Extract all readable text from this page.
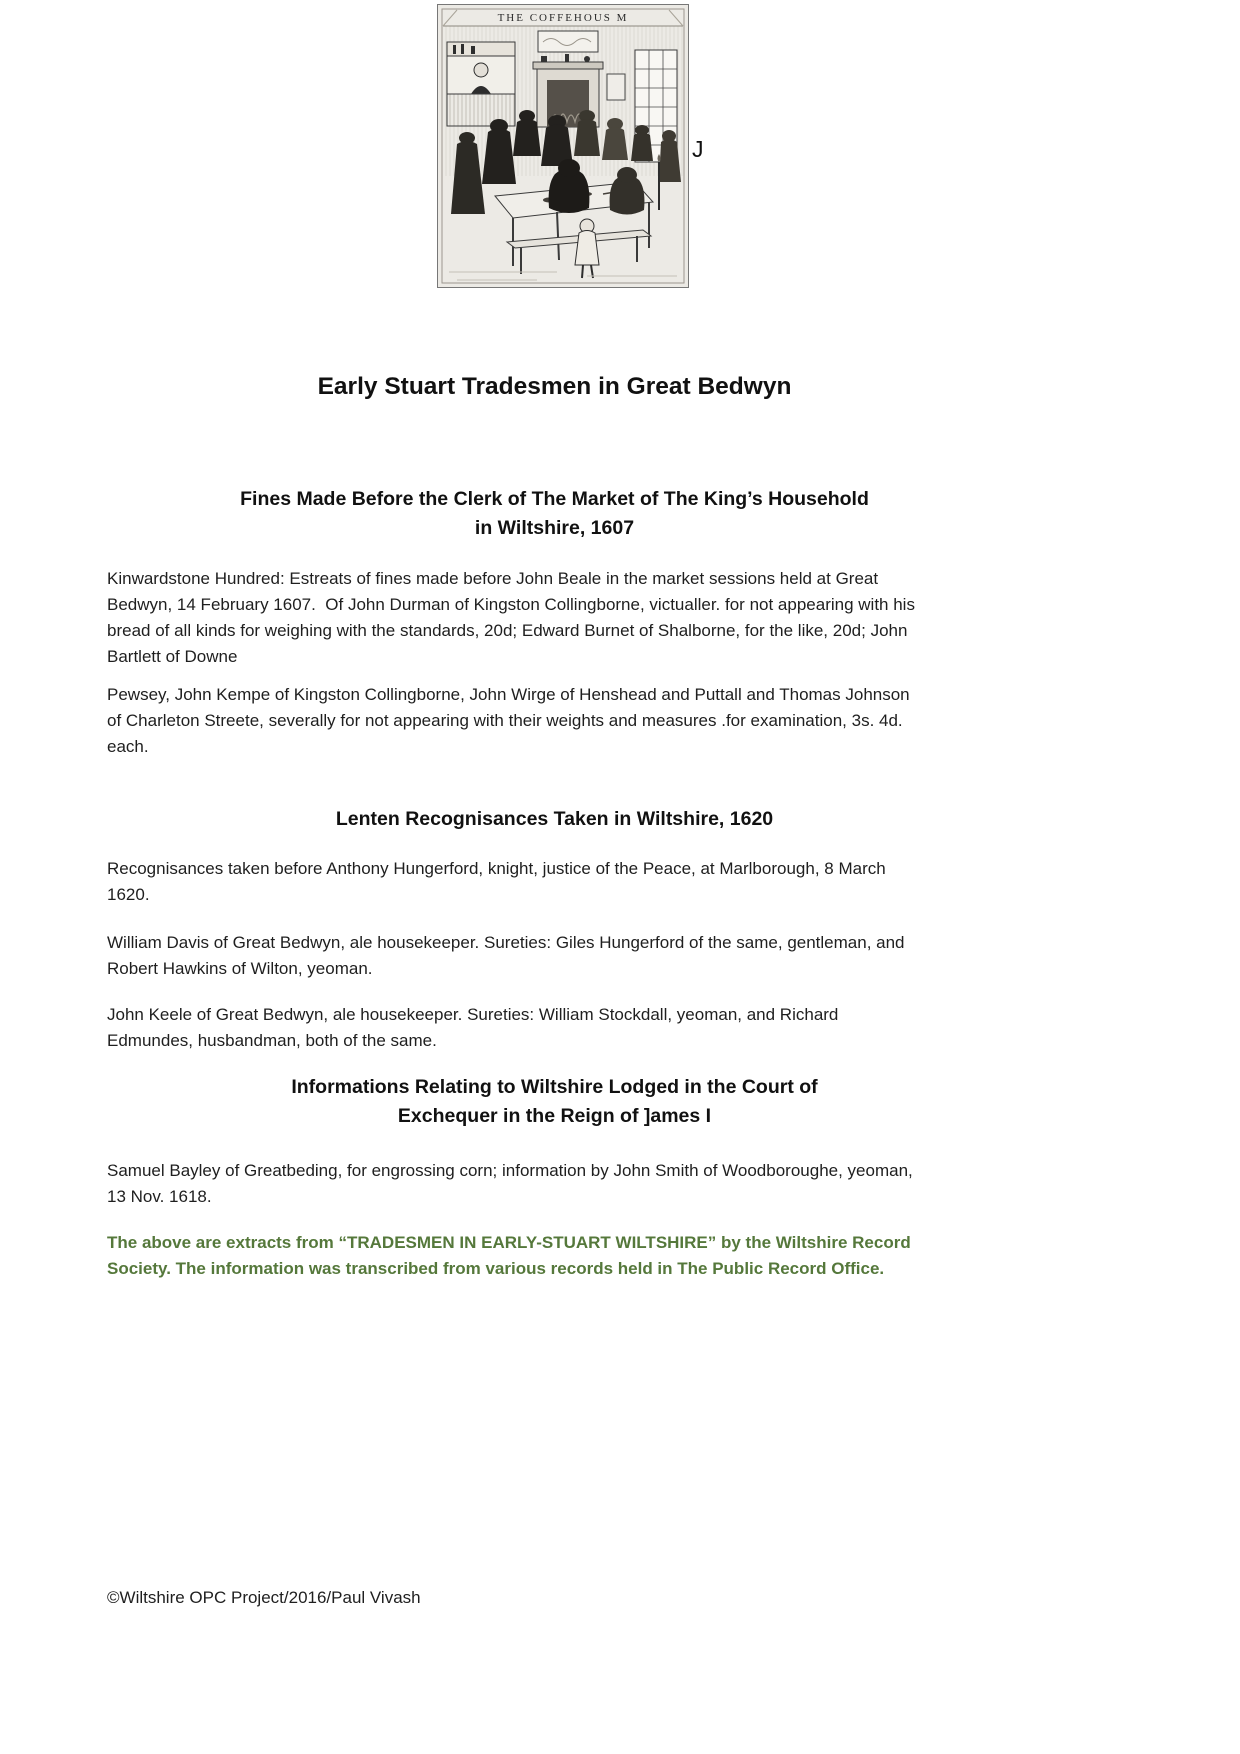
THE COFFEHOUS M
J
Early Stuart Tradesmen in Great Bedwyn
Fines Made Before the Clerk of The Market of The King’s Household
in Wiltshire, 1607
Kinwardstone Hundred: Estreats of fines made before John Beale in the market sessions held at Great
Bedwyn, 14 February 1607.  Of John Durman of Kingston Collingborne, victualler. for not appearing with his
bread of all kinds for weighing with the standards, 20d; Edward Burnet of Shalborne, for the like, 20d; John
Bartlett of Downe
Pewsey, John Kempe of Kingston Collingborne, John Wirge of Henshead and Puttall and Thomas Johnson
of Charleton Streete, severally for not appearing with their weights and measures .for examination, 3s. 4d.
each.
Lenten Recognisances Taken in Wiltshire, 1620
Recognisances taken before Anthony Hungerford, knight, justice of the Peace, at Marlborough, 8 March
1620.
William Davis of Great Bedwyn, ale housekeeper. Sureties: Giles Hungerford of the same, gentleman, and
Robert Hawkins of Wilton, yeoman.
John Keele of Great Bedwyn, ale housekeeper. Sureties: William Stockdall, yeoman, and Richard
Edmundes, husbandman, both of the same.
Informations Relating to Wiltshire Lodged in the Court of
Exchequer in the Reign of ]ames I
Samuel Bayley of Greatbeding, for engrossing corn; information by John Smith of Woodboroughe, yeoman,
13 Nov. 1618.
The above are extracts from “TRADESMEN IN EARLY-STUART WILTSHIRE” by the Wiltshire Record
Society. The information was transcribed from various records held in The Public Record Office.
©Wiltshire OPC Project/2016/Paul Vivash
